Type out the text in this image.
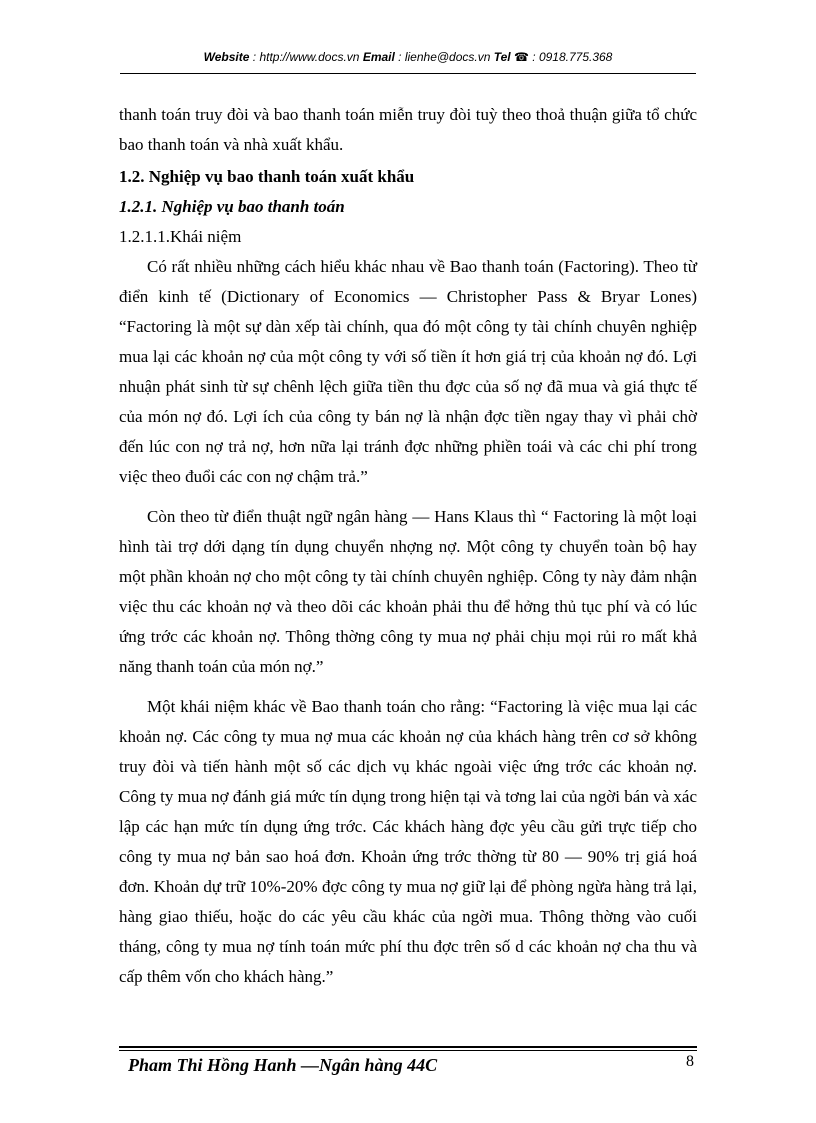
Website : http://www.docs.vn Email : lienhe@docs.vn Tel ☎ : 0918.775.368

thanh toán truy đòi và bao thanh toán miễn truy đòi tuỳ theo thoả thuận giữa tổ chức bao thanh toán và nhà xuất khẩu.

1.2. Nghiệp vụ bao thanh toán xuất khẩu

1.2.1. Nghiệp vụ bao thanh toán

1.2.1.1.Khái niệm

Có rất nhiều những cách hiểu khác nhau về Bao thanh toán (Factoring). Theo từ điển kinh tế (Dictionary of Economics — Christopher Pass & Bryar Lones) “Factoring là một sự dàn xếp tài chính, qua đó một công ty tài chính chuyên nghiệp mua lại các khoản nợ của một công ty với số tiền ít hơn giá trị của khoản nợ đó. Lợi nhuận phát sinh từ sự chênh lệch giữa tiền thu đợc của số nợ đã mua và giá thực tế của món nợ đó. Lợi ích của công ty bán nợ là nhận đợc tiền ngay thay vì phải chờ đến lúc con nợ trả nợ, hơn nữa lại tránh đợc những phiền toái và các chi phí trong việc theo đuổi các con nợ chậm trả.”

Còn theo từ điển thuật ngữ ngân hàng — Hans Klaus thì “ Factoring là một loại hình tài trợ dới dạng tín dụng chuyển nhợng nợ. Một công ty chuyển toàn bộ hay một phần khoản nợ cho một công ty tài chính chuyên nghiệp. Công ty này đảm nhận việc thu các khoản nợ và theo dõi các khoản phải thu để hởng thủ tục phí và có lúc ứng trớc các khoản nợ. Thông thờng công ty mua nợ phải chịu mọi rủi ro mất khả năng thanh toán của món nợ.”

Một khái niệm khác về Bao thanh toán cho rằng: “Factoring là việc mua lại các khoản nợ. Các công ty mua nợ mua các khoản nợ của khách hàng trên cơ sở không truy đòi và tiến hành một số các dịch vụ khác ngoài việc ứng trớc các khoản nợ. Công ty mua nợ đánh giá mức tín dụng trong hiện tại và tơng lai của ngời bán và xác lập các hạn mức tín dụng ứng trớc. Các khách hàng đợc yêu cầu gửi trực tiếp cho công ty mua nợ bản sao hoá đơn. Khoản ứng trớc thờng từ 80 — 90% trị giá hoá đơn. Khoản dự trữ 10%-20% đợc công ty mua nợ giữ lại để phòng ngừa hàng trả lại, hàng giao thiếu, hoặc do các yêu cầu khác của ngời mua. Thông thờng vào cuối tháng, công ty mua nợ tính toán mức phí thu đợc trên số d các khoản nợ cha thu và cấp thêm vốn cho khách hàng.”

Pham Thi Hồng Hanh —Ngân hàng 44C	8
